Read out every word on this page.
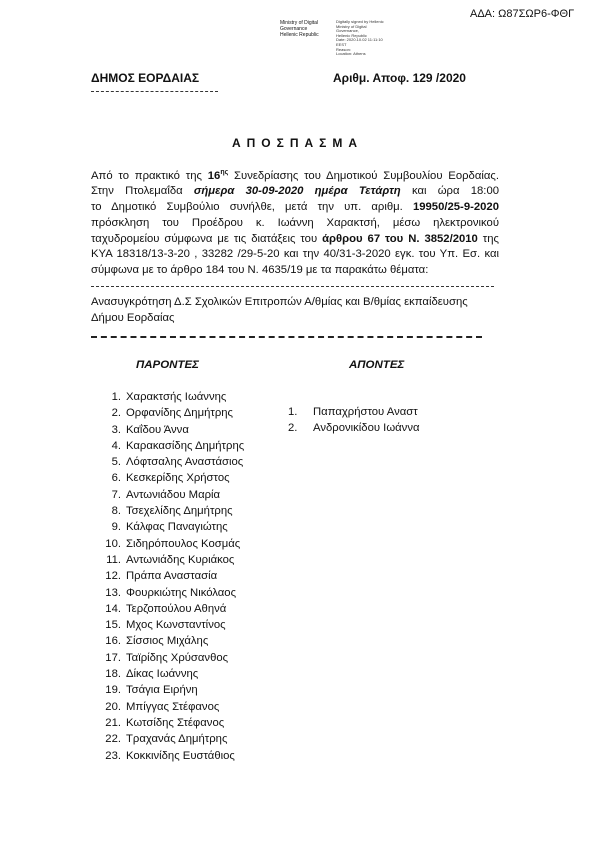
ΑΔΑ: Ω87ΣΩΡ6-ΦΘΓ
Ministry of Digital
Governance
Hellenic Republic
Digitally signed by Hellenic
Ministry of Digital
Governance,
Hellenic Republic
Date: 2020.10.02 11:11:10
EEST
Reason:
Location: Athens
ΔΗΜΟΣ ΕΟΡΔΑΙΑΣ	Αριθμ. Αποφ. 129 /2020
ΑΠΟΣΠΑΣΜΑ
Από το πρακτικό της $16^{\eta\varsigma}$ Συνεδρίασης του Δημοτικού Συμβουλίου Εορδαίας.
Στην Πτολεμαΐδα σήμερα 30-09-2020 ημέρα Τετάρτη και ώρα 18:00
το Δημοτικό Συμβούλιο συνήλθε, μετά την υπ. αριθμ. 19950/25-9-2020
πρόσκληση του Προέδρου κ. Ιωάννη Χαρακτσή, μέσω ηλεκτρονικού
ταχυδρομείου σύμφωνα με τις διατάξεις του άρθρου 67 του Ν. 3852/2010 της
ΚΥΑ 18318/13-3-20 , 33282 /29-5-20 και την 40/31-3-2020 εγκ. του Υπ. Εσ. και
σύμφωνα με το άρθρο 184 του Ν. 4635/19 με τα παρακάτω θέματα:
Ανασυγκρότηση Δ.Σ Σχολικών Επιτροπών Α/θμίας και Β/θμίας εκπαίδευσης
Δήμου Εορδαίας
ΠΑΡΟΝΤΕΣ	ΑΠΟΝΤΕΣ
1. Χαρακτσής Ιωάννης
2. Ορφανίδης Δημήτρης
3. Καΐδου Άννα
4. Καρακασίδης Δημήτρης
5. Λόφτσαλης Αναστάσιος
6. Κεσκερίδης Χρήστος
7. Αντωνιάδου Μαρία
8. Τσεχελίδης Δημήτρης
9. Κάλφας Παναγιώτης
10. Σιδηρόπουλος Κοσμάς
11. Αντωνιάδης Κυριάκος
12. Πράπα Αναστασία
13. Φουρκιώτης Νικόλαος
14. Τερζοπούλου Αθηνά
15. Μχος Κωνσταντίνος
16. Σίσσιος Μιχάλης
17. Ταϊρίδης Χρύσανθος
18. Δίκας Ιωάννης
19. Τσάγια Ειρήνη
20. Μπίγγας Στέφανος
21. Κωτσίδης Στέφανος
22. Τραχανάς Δημήτρης
23. Κοκκινίδης Ευστάθιος
1. Παπαχρήστου Αναστ
2. Ανδρονικίδου Ιωάννα
